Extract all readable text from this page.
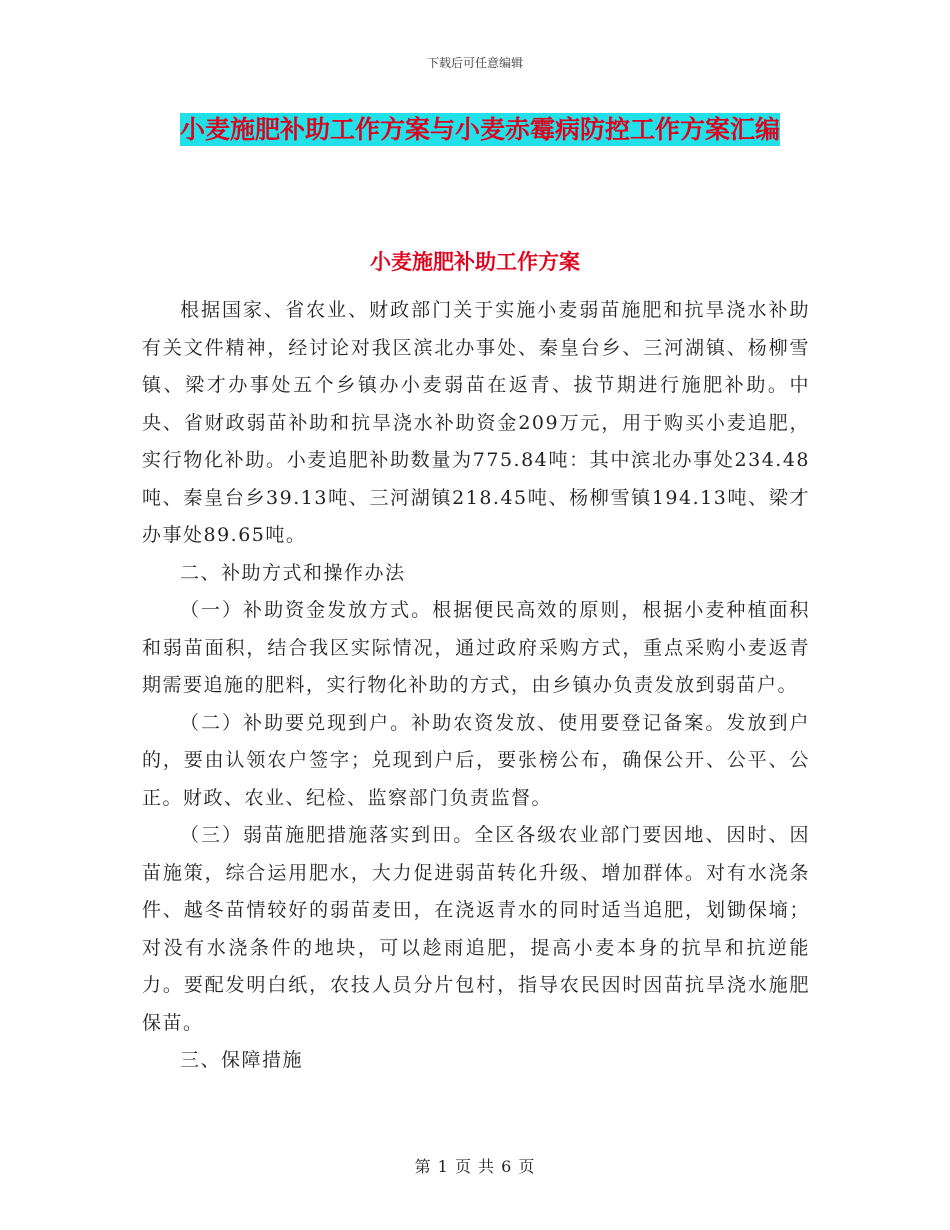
下载后可任意编辑
小麦施肥补助工作方案与小麦赤霉病防控工作方案汇编
小麦施肥补助工作方案

根据国家、省农业、财政部门关于实施小麦弱苗施肥和抗旱浇水补助有关文件精神，经讨论对我区滨北办事处、秦皇台乡、三河湖镇、杨柳雪镇、梁才办事处五个乡镇办小麦弱苗在返青、拔节期进行施肥补助。中央、省财政弱苗补助和抗旱浇水补助资金209万元，用于购买小麦追肥，实行物化补助。小麦追肥补助数量为775.84吨：其中滨北办事处234.48吨、秦皇台乡39.13吨、三河湖镇218.45吨、杨柳雪镇194.13吨、梁才办事处89.65吨。

二、补助方式和操作办法

（一）补助资金发放方式。根据便民高效的原则，根据小麦种植面积和弱苗面积，结合我区实际情况，通过政府采购方式，重点采购小麦返青期需要追施的肥料，实行物化补助的方式，由乡镇办负责发放到弱苗户。

（二）补助要兑现到户。补助农资发放、使用要登记备案。发放到户的，要由认领农户签字；兑现到户后，要张榜公布，确保公开、公平、公正。财政、农业、纪检、监察部门负责监督。

（三）弱苗施肥措施落实到田。全区各级农业部门要因地、因时、因苗施策，综合运用肥水，大力促进弱苗转化升级、增加群体。对有水浇条件、越冬苗情较好的弱苗麦田，在浇返青水的同时适当追肥，划锄保墒；对没有水浇条件的地块，可以趁雨追肥，提高小麦本身的抗旱和抗逆能力。要配发明白纸，农技人员分片包村，指导农民因时因苗抗旱浇水施肥保苗。

三、保障措施

第 1 页 共 6 页
